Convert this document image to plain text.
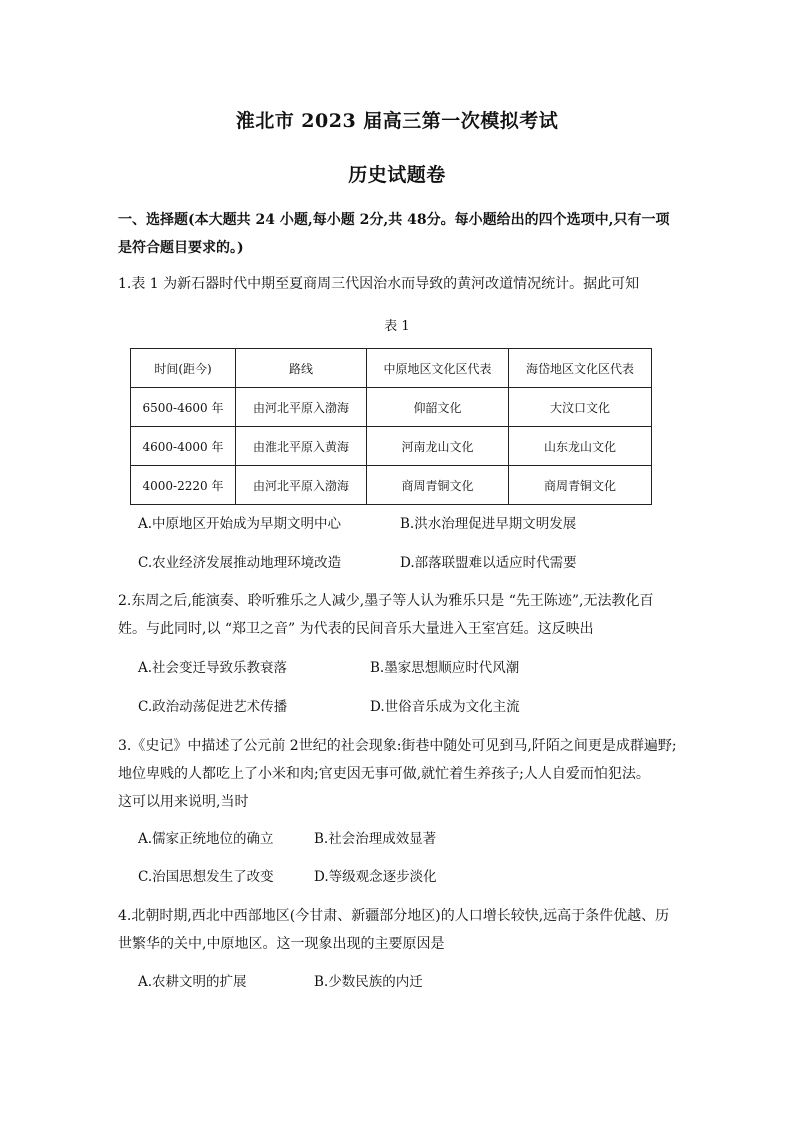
淮北市 2023 届高三第一次模拟考试
历史试题卷

一、选择题(本大题共 24 小题,每小题 2分,共 48分。每小题给出的四个选项中,只有一项
是符合题目要求的。)

1.表 1 为新石器时代中期至夏商周三代因治水而导致的黄河改道情况统计。据此可知

表 1
时间(距今)	路线	中原地区文化区代表	海岱地区文化区代表
6500-4600 年	由河北平原入渤海	仰韶文化	大汶口文化
4600-4000 年	由淮北平原入黄海	河南龙山文化	山东龙山文化
4000-2220 年	由河北平原入渤海	商周青铜文化	商周青铜文化
A.中原地区开始成为早期文明中心	B.洪水治理促进早期文明发展
C.农业经济发展推动地理环境改造	D.部落联盟难以适应时代需要

2.东周之后,能演奏、聆听雅乐之人减少,墨子等人认为雅乐只是 “先王陈迹”,无法教化百
姓。与此同时,以 “郑卫之音” 为代表的民间音乐大量进入王室宫廷。这反映出

A.社会变迁导致乐教衰落	B.墨家思想顺应时代风潮
C.政治动荡促进艺术传播	D.世俗音乐成为文化主流

3.《史记》中描述了公元前 2世纪的社会现象:街巷中随处可见到马,阡陌之间更是成群遍野;
地位卑贱的人都吃上了小米和肉;官吏因无事可做,就忙着生养孩子;人人自爱而怕犯法。
这可以用来说明,当时

A.儒家正统地位的确立	B.社会治理成效显著
C.治国思想发生了改变	D.等级观念逐步淡化

4.北朝时期,西北中西部地区(今甘肃、新疆部分地区)的人口增长较快,远高于条件优越、历
世繁华的关中,中原地区。这一现象出现的主要原因是

A.农耕文明的扩展	B.少数民族的内迁
